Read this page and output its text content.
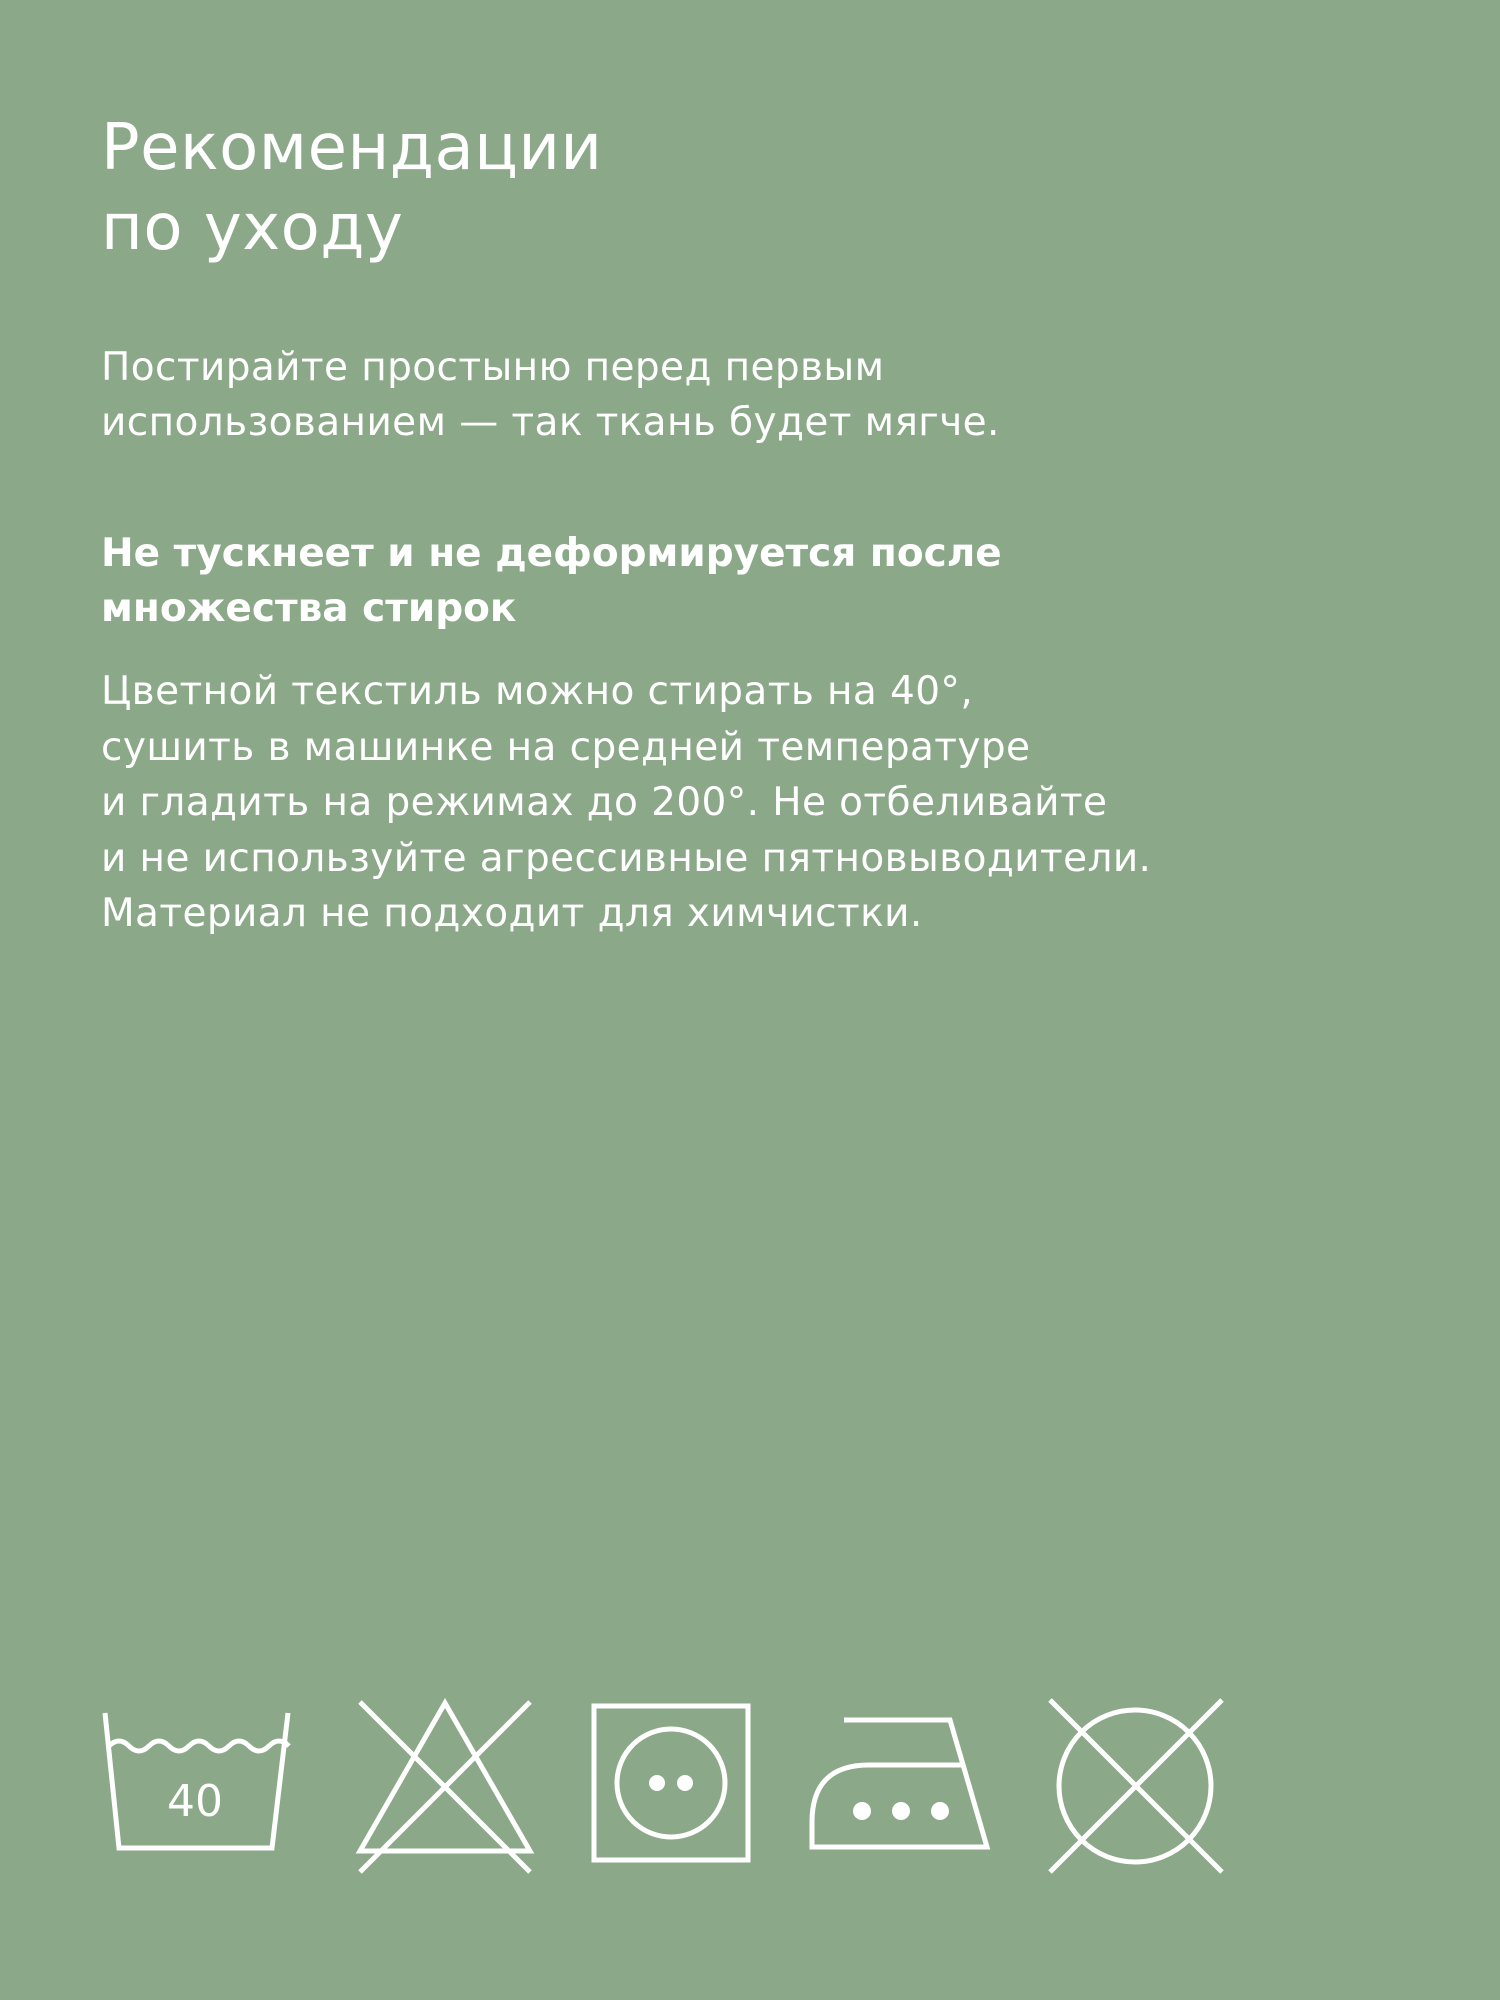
Рекомендации
по уходу

Постирайте простыню перед первым
использованием — так ткань будет мягче.

Не тускнеет и не деформируется после
множества стирок

Цветной текстиль можно стирать на 40°,
сушить в машинке на средней температуре
и гладить на режимах до 200°. Не отбеливайте
и не используйте агрессивные пятновыводители.
Материал не подходит для химчистки.

40
